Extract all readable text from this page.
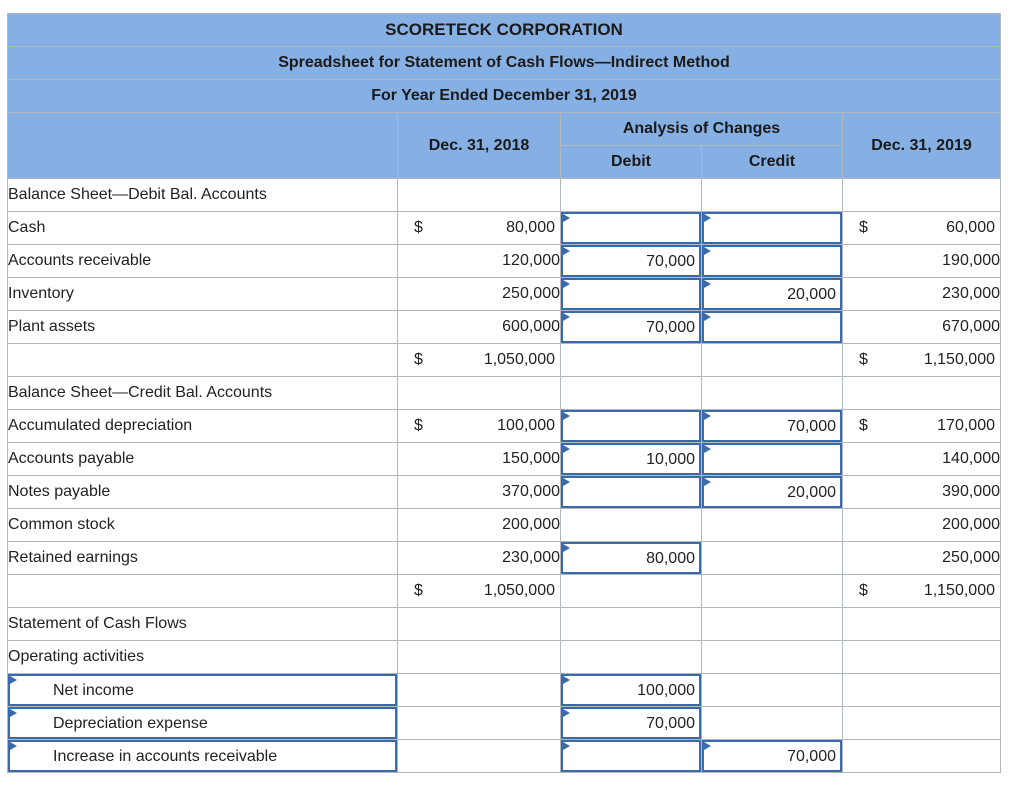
SCORETECK CORPORATION				
Spreadsheet for Statement of Cash Flows—Indirect Method				
For Year Ended December 31, 2019				
	Dec. 31, 2018	Analysis of Changes		Dec. 31, 2019
		Debit	Credit	
Balance Sheet—Debit Bal. Accounts				
Cash	$ 80,000			$ 60,000

Accounts receivable	120,000	70,000		190,000
Inventory	250,000		20,000	230,000
Plant assets	600,000	70,000		670,000

	$ 1,050,000			$ 1,150,000

Balance Sheet—Credit Bal. Accounts				
Accumulated depreciation	$ 100,000		70,000	$ 170,000

Accounts payable	150,000	10,000		140,000
Notes payable	370,000		20,000	390,000
Common stock	200,000			200,000
Retained earnings	230,000	80,000		250,000

	$ 1,050,000			$ 1,150,000

Statement of Cash Flows				
Operating activities				

Net income		100,000		

Depreciation expense		70,000		

Increase in accounts receivable			70,000	
